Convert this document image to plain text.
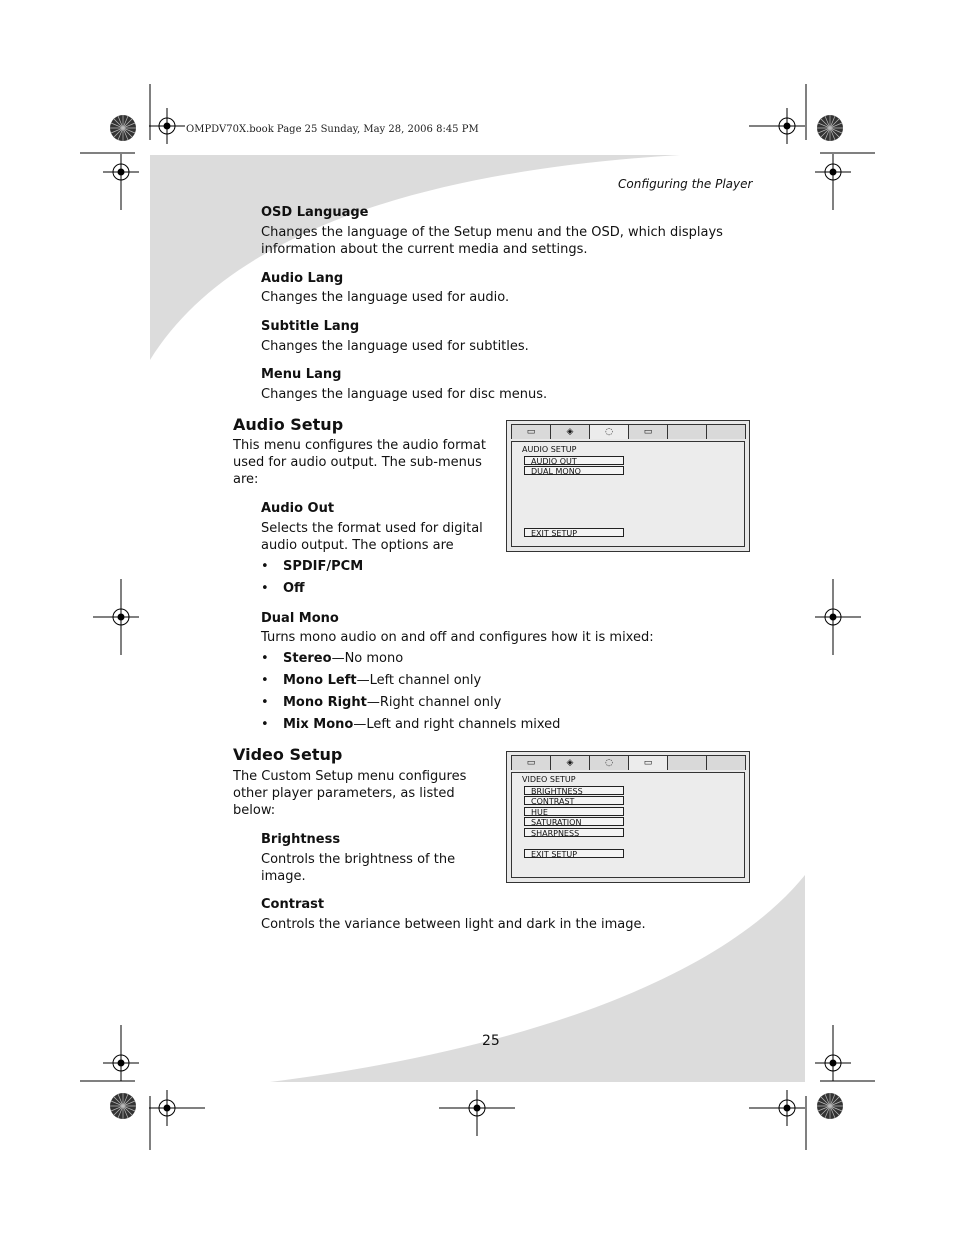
OMPDV70X.book Page 25 Sunday, May 28, 2006 8:45 PM
Configuring the Player
OSD Language
Changes the language of the Setup menu and the OSD, which displays information about the current media and settings.
Audio Lang
Changes the language used for audio.
Subtitle Lang
Changes the language used for subtitles.
Menu Lang
Changes the language used for disc menus.
Audio Setup
This menu configures the audio format used for audio output. The sub-menus are:
Audio Out
Selects the format used for digital audio output. The options are
• SPDIF/PCM
• Off
Dual Mono
Turns mono audio on and off and configures how it is mixed:
• Stereo—No mono
• Mono Left—Left channel only
• Mono Right—Right channel only
• Mix Mono—Left and right channels mixed
▭	◈	◌	▭
AUDIO SETUP
AUDIO OUT
DUAL MONO
EXIT SETUP
Video Setup
The Custom Setup menu configures other player parameters, as listed below:
Brightness
Controls the brightness of the image.
Contrast
Controls the variance between light and dark in the image.
▭	◈	◌	▭
VIDEO SETUP
BRIGHTNESS
CONTRAST
HUE
SATURATION
SHARPNESS
EXIT SETUP
25
